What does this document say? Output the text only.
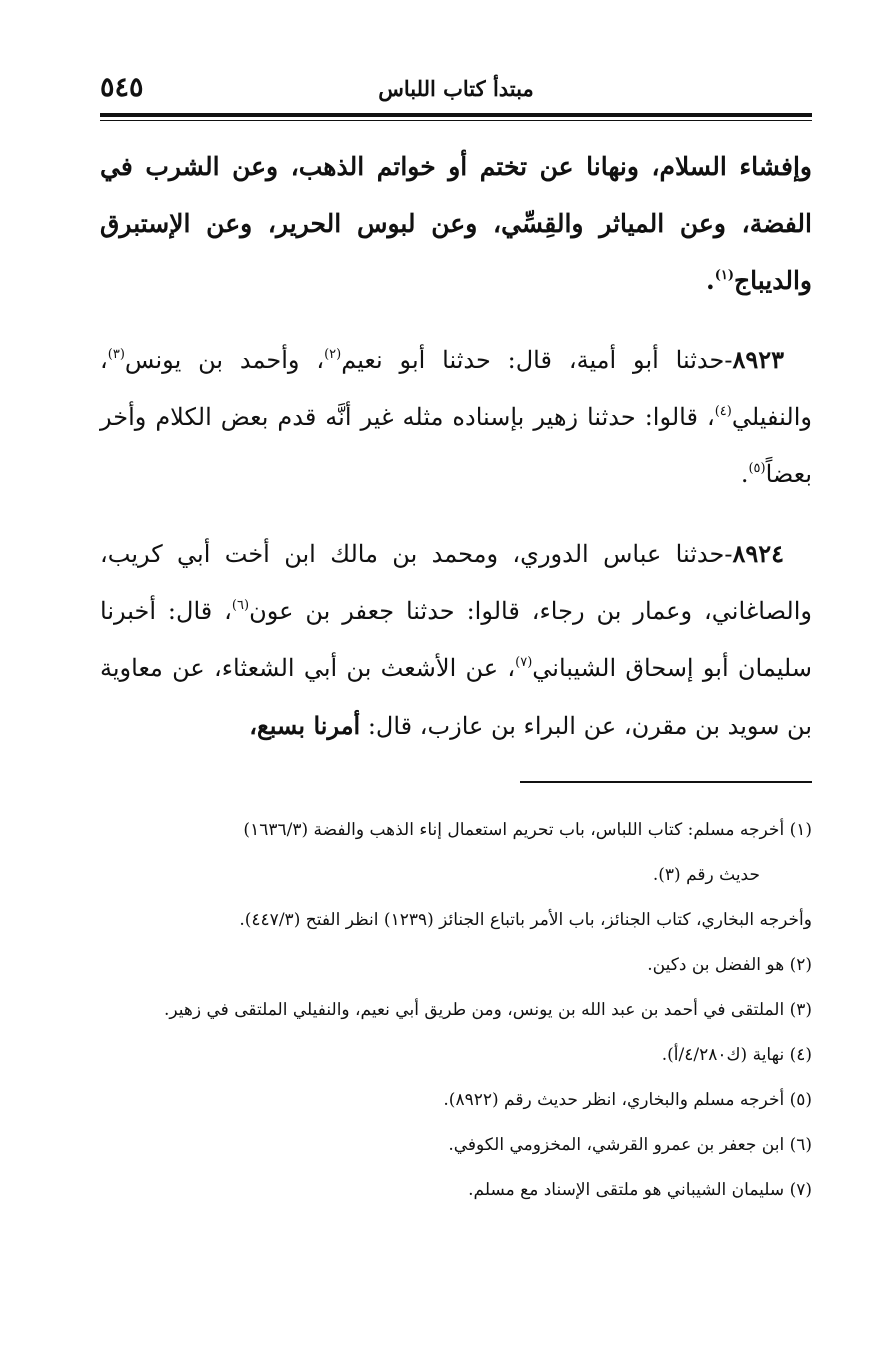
٥٤٥	مبتدأ كتاب اللباس

وإفشاء السلام، ونهانا عن تختم أو خواتم الذهب، وعن الشرب في الفضة، وعن المياثر والقِسِّي، وعن لبوس الحرير، وعن الإستبرق والديباج$^{(١)}$.

٨٩٢٣-حدثنا أبو أمية، قال: حدثنا أبو نعيم$^{(٢)}$، وأحمد بن يونس$^{(٣)}$، والنفيلي$^{(٤)}$، قالوا: حدثنا زهير بإسناده مثله غير أنَّه قدم بعض الكلام وأخر بعضاً$^{(٥)}$.

٨٩٢٤-حدثنا عباس الدوري، ومحمد بن مالك ابن أخت أبي كريب، والصاغاني، وعمار بن رجاء، قالوا: حدثنا جعفر بن عون$^{(٦)}$، قال: أخبرنا سليمان أبو إسحاق الشيباني$^{(٧)}$، عن الأشعث بن أبي الشعثاء، عن معاوية بن سويد بن مقرن، عن البراء بن عازب، قال: أمرنا بسبع،

(١) أخرجه مسلم: كتاب اللباس، باب تحريم استعمال إناء الذهب والفضة (١٦٣٦/٣)

حديث رقم (٣).

وأخرجه البخاري، كتاب الجنائز، باب الأمر باتباع الجنائز (١٢٣٩) انظر الفتح (٤٤٧/٣).

(٢) هو الفضل بن دكين.

(٣) الملتقى في أحمد بن عبد الله بن يونس، ومن طريق أبي نعيم، والنفيلي الملتقى في زهير.

(٤) نهاية (ك٤/٢٨٠/أ).

(٥) أخرجه مسلم والبخاري، انظر حديث رقم (٨٩٢٢).

(٦) ابن جعفر بن عمرو القرشي، المخزومي الكوفي.

(٧) سليمان الشيباني هو ملتقى الإسناد مع مسلم.
